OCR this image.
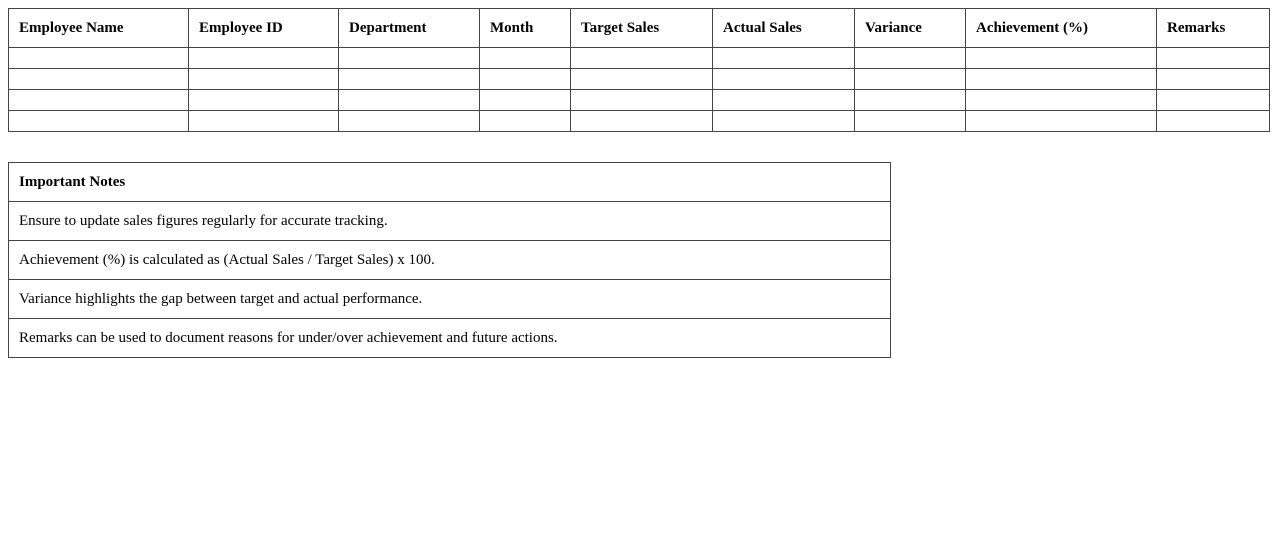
Employee Name	Employee ID	Department	Month	Target Sales	Actual Sales	Variance	Achievement (%)	Remarks

Important Notes
Ensure to update sales figures regularly for accurate tracking.
Achievement (%) is calculated as (Actual Sales / Target Sales) x 100.
Variance highlights the gap between target and actual performance.
Remarks can be used to document reasons for under/over achievement and future actions.
